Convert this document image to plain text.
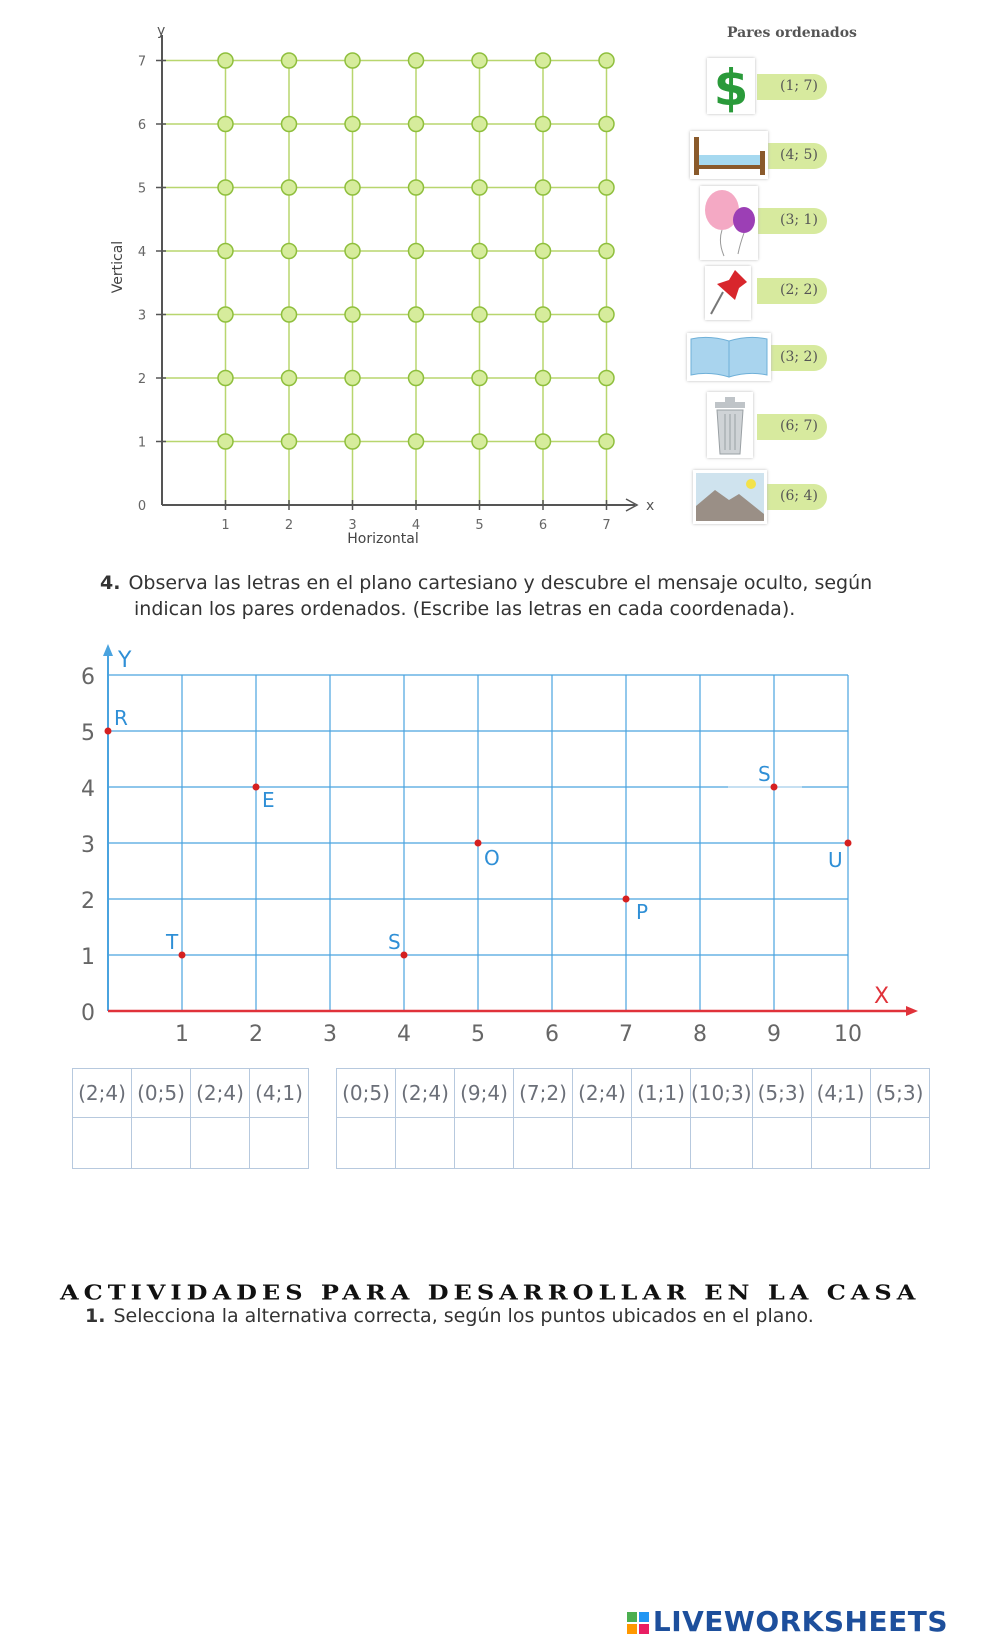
1	2	3	4	5	6	7
0
1
2
3
4
5
6
7
y
x
Vertical
Horizontal
Pares ordenados
$ (1; 7)
(4; 5)
(3; 1)
(2; 2)
(3; 2)
(6; 7)
(6; 4)
4. Observa las letras en el plano cartesiano y descubre el mensaje oculto, según
indican los pares ordenados. (Escribe las letras en cada coordenada).
1	2	3	4	5	6	7	8	9 10
0
1
2
3
4
5
6
R
T
E
S
O
P
S
U
Y
X
(2;4)	(0;5)	(2;4)	(4;1)
			(0;5)	(2;4)	(9;4)	(7;2)	(2;4)	(1;1)	(10;3)	(5;3)	(4;1)	(5;3)

ACTIVIDADES PARA DESARROLLAR EN LA CASA
1. Selecciona la alternativa correcta, según los puntos ubicados en el plano.
LIVEWORKSHEETS
